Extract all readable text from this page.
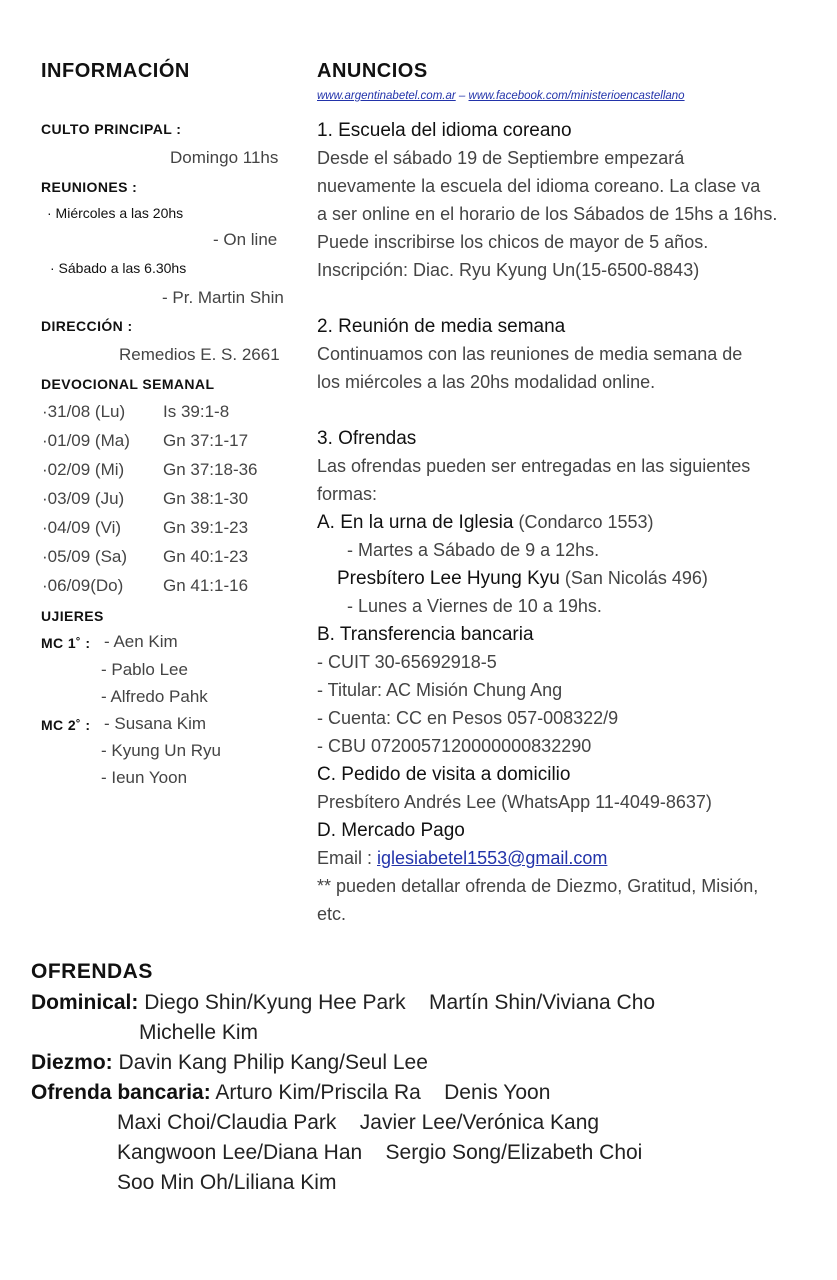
INFORMACIÓN
CULTO PRINCIPAL :
Domingo 11hs
REUNIONES :
· Miércoles a las 20hs
- On line
· Sábado a las 6.30hs
- Pr. Martin Shin
DIRECCIÓN :
Remedios E. S. 2661
DEVOCIONAL SEMANAL
·31/08 (Lu) Is 39:1-8
·01/09 (Ma) Gn 37:1-17
·02/09 (Mi) Gn 37:18-36
·03/09 (Ju) Gn 38:1-30
·04/09 (Vi) Gn 39:1-23
·05/09 (Sa) Gn 40:1-23
·06/09(Do) Gn 41:1-16
UJIERES
MC 1˚ : - Aen Kim
- Pablo Lee
- Alfredo Pahk
MC 2˚ : - Susana Kim
- Kyung Un Ryu
- Ieun Yoon
ANUNCIOS
www.argentinabetel.com.ar – www.facebook.com/ministerioencastellano
1. Escuela del idioma coreano
Desde el sábado 19 de Septiembre empezará
nuevamente la escuela del idioma coreano. La clase va
a ser online en el horario de los Sábados de 15hs a 16hs.
Puede inscribirse los chicos de mayor de 5 años.
Inscripción: Diac. Ryu Kyung Un(15-6500-8843)
2. Reunión de media semana
Continuamos con las reuniones de media semana de
los miércoles a las 20hs modalidad online.
3. Ofrendas
Las ofrendas pueden ser entregadas en las siguientes
formas:
A. En la urna de Iglesia (Condarco 1553)
- Martes a Sábado de 9 a 12hs.
Presbítero Lee Hyung Kyu (San Nicolás 496)
- Lunes a Viernes de 10 a 19hs.
B. Transferencia bancaria
- CUIT 30-65692918-5
- Titular: AC Misión Chung Ang
- Cuenta: CC en Pesos 057-008322/9
- CBU 0720057120000000832290
C. Pedido de visita a domicilio
Presbítero Andrés Lee (WhatsApp 11-4049-8637)
D. Mercado Pago
Email : iglesiabetel1553@gmail.com
** pueden detallar ofrenda de Diezmo, Gratitud, Misión,
etc.
OFRENDAS
Dominical: Diego Shin/Kyung Hee Park    Martín Shin/Viviana Cho
Michelle Kim
Diezmo: Davin Kang Philip Kang/Seul Lee
Ofrenda bancaria: Arturo Kim/Priscila Ra    Denis Yoon
Maxi Choi/Claudia Park    Javier Lee/Verónica Kang
Kangwoon Lee/Diana Han    Sergio Song/Elizabeth Choi
Soo Min Oh/Liliana Kim
